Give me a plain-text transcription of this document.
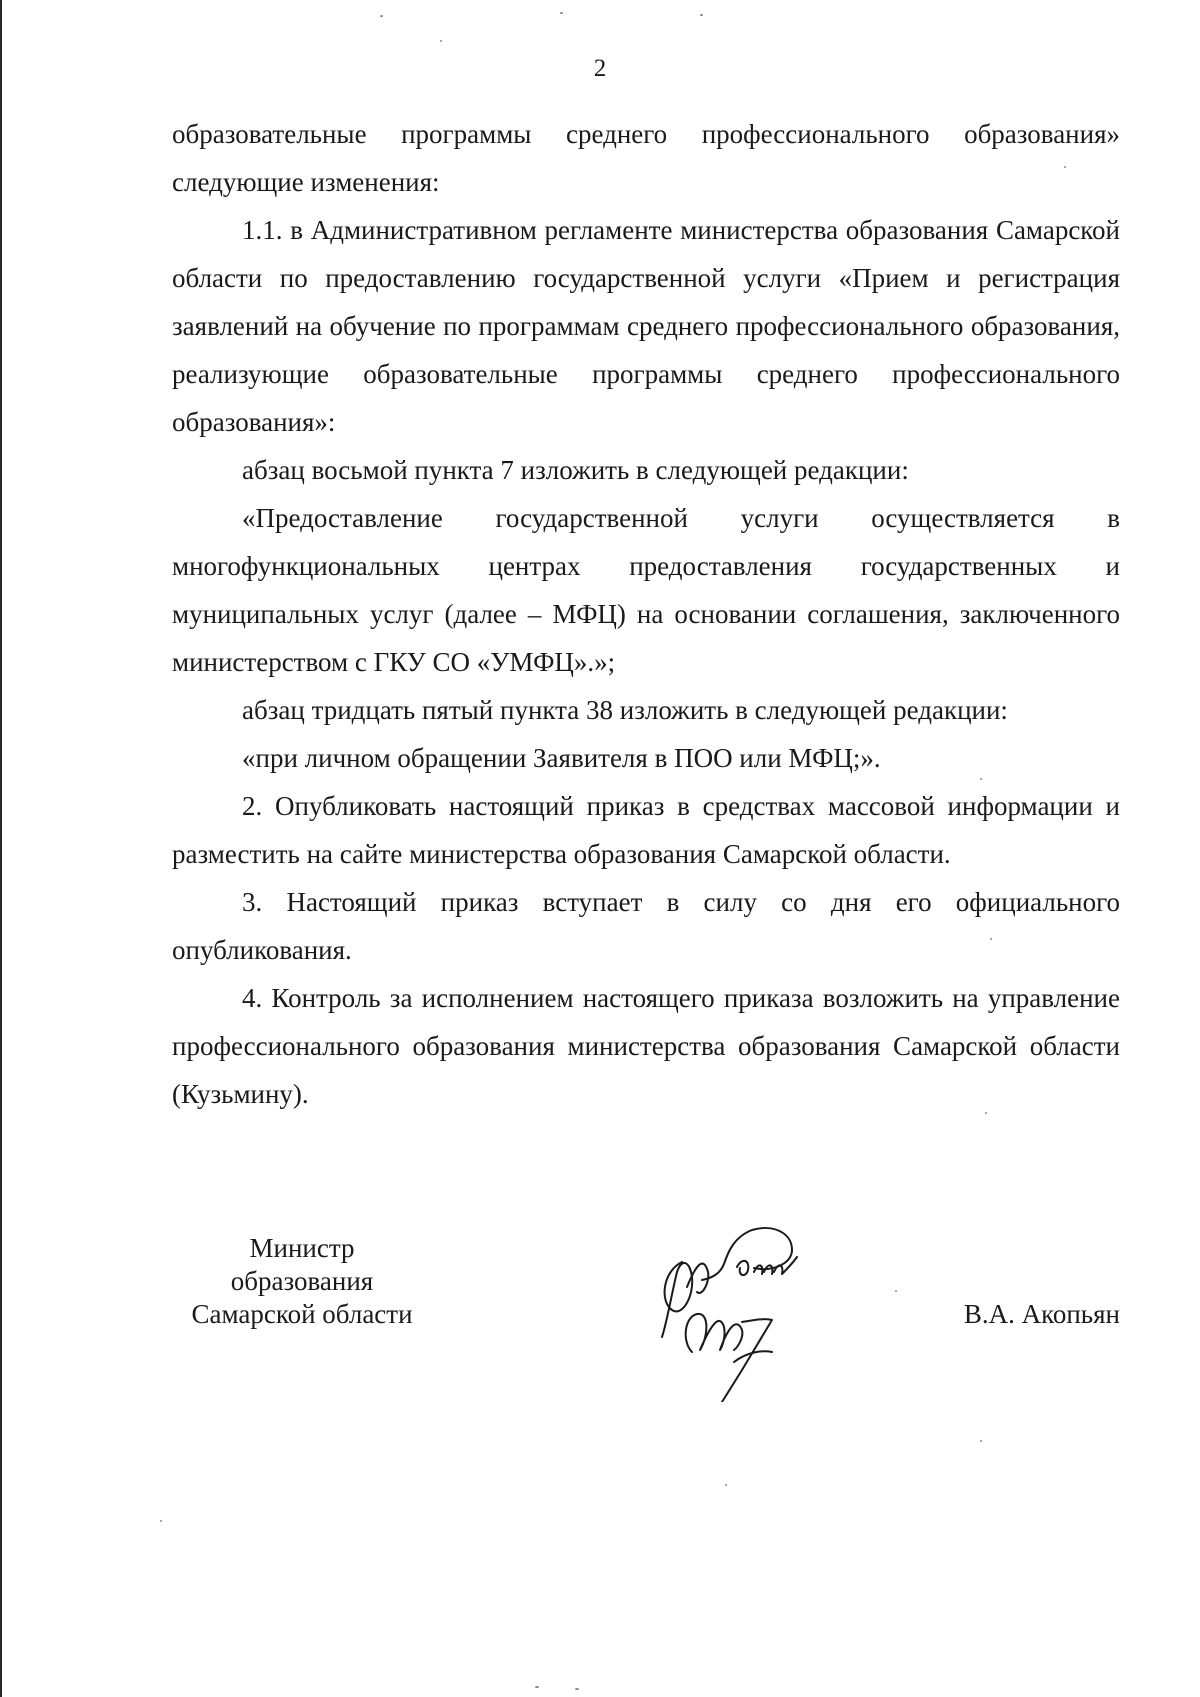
2

образовательные программы среднего профессионального образования» следующие изменения:

1.1. в Административном регламенте министерства образования Самарской области по предоставлению государственной услуги «Прием и регистрация заявлений на обучение по программам среднего профессионального образования, реализующие образовательные программы среднего профессионального образования»:

абзац восьмой пункта 7 изложить в следующей редакции:

«Предоставление государственной услуги осуществляется в многофункциональных центрах предоставления государственных и муниципальных услуг (далее – МФЦ) на основании соглашения, заключенного министерством с ГКУ СО «УМФЦ».»;

абзац тридцать пятый пункта 38 изложить в следующей редакции:

«при личном обращении Заявителя в ПОО или МФЦ;».

2. Опубликовать настоящий приказ в средствах массовой информации и разместить на сайте министерства образования Самарской области.

3. Настоящий приказ вступает в силу со дня его официального опубликования.

4. Контроль за исполнением настоящего приказа возложить на управление профессионального образования министерства образования Самарской области (Кузьмину).

Министр
образования
Самарской области	В.А. Акопьян
